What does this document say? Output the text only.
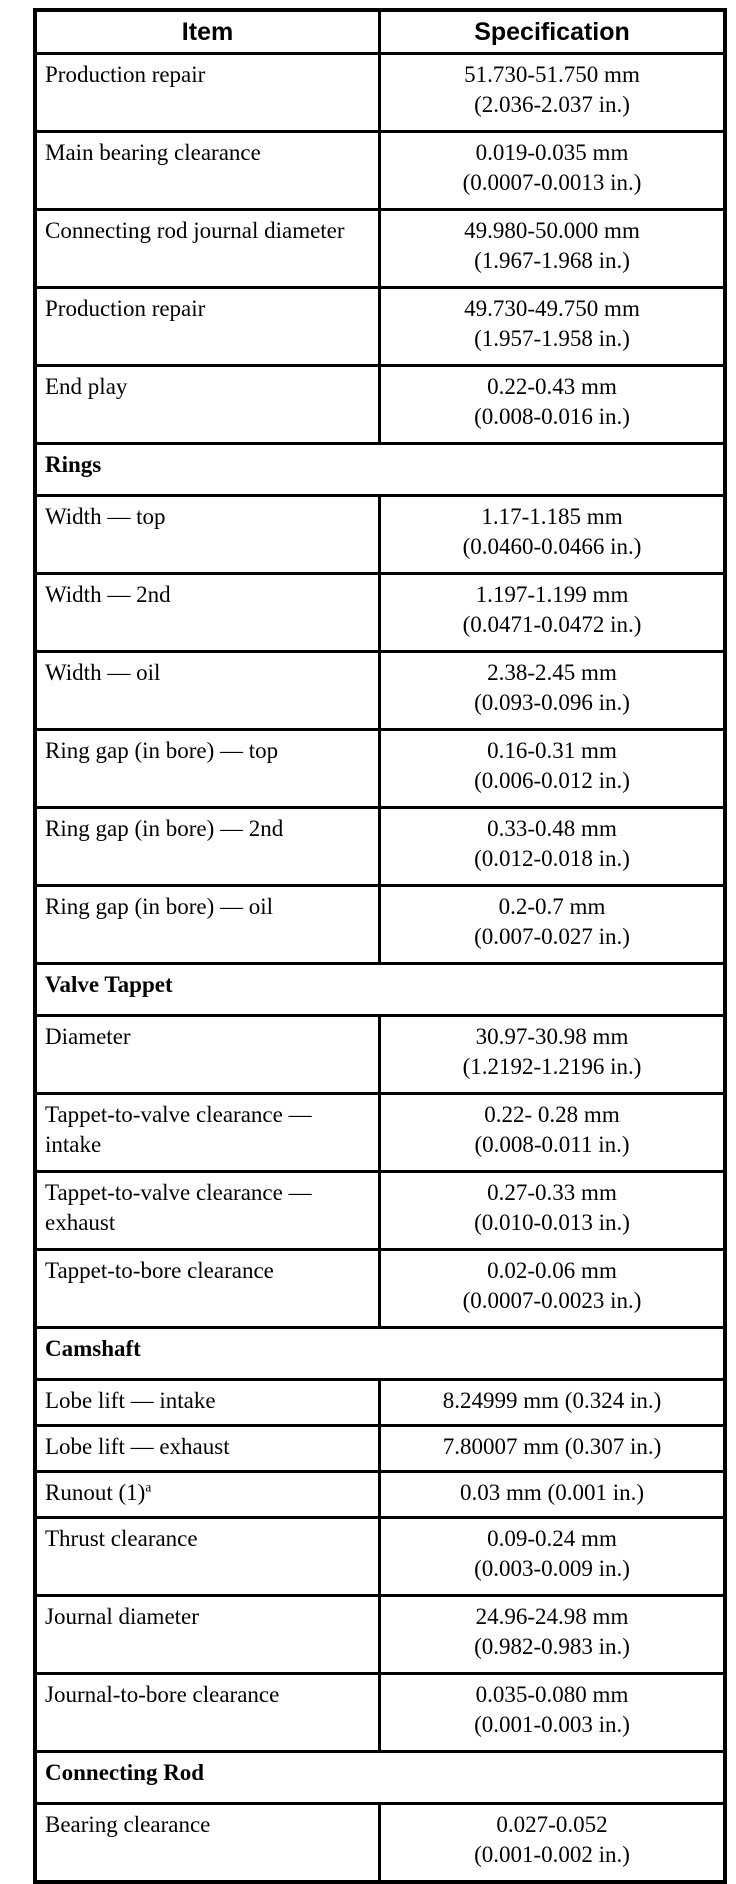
Item	Specification
Production repair	51.730-51.750 mm
(2.036-2.037 in.)

Main bearing clearance	0.019-0.035 mm
(0.0007-0.0013 in.)

Connecting rod journal diameter	49.980-50.000 mm
(1.967-1.968 in.)

Production repair	49.730-49.750 mm
(1.957-1.958 in.)

End play	0.22-0.43 mm
(0.008-0.016 in.)

Rings	
Width — top	1.17-1.185 mm
(0.0460-0.0466 in.)

Width — 2nd	1.197-1.199 mm
(0.0471-0.0472 in.)

Width — oil	2.38-2.45 mm
(0.093-0.096 in.)

Ring gap (in bore) — top	0.16-0.31 mm
(0.006-0.012 in.)

Ring gap (in bore) — 2nd	0.33-0.48 mm
(0.012-0.018 in.)

Ring gap (in bore) — oil	0.2-0.7 mm
(0.007-0.027 in.)

Valve Tappet	
Diameter	30.97-30.98 mm
(1.2192-1.2196 in.)

Tappet-to-valve clearance — intake	0.22- 0.28 mm
(0.008-0.011 in.)

Tappet-to-valve clearance — exhaust	0.27-0.33 mm
(0.010-0.013 in.)

Tappet-to-bore clearance	0.02-0.06 mm
(0.0007-0.0023 in.)

Camshaft	
Lobe lift — intake	8.24999 mm (0.324 in.)

Lobe lift — exhaust	7.80007 mm (0.307 in.)

Runout (1)$^a$	0.03 mm (0.001 in.)

Thrust clearance	0.09-0.24 mm
(0.003-0.009 in.)

Journal diameter	24.96-24.98 mm
(0.982-0.983 in.)

Journal-to-bore clearance	0.035-0.080 mm
(0.001-0.003 in.)

Connecting Rod	
Bearing clearance	0.027-0.052
(0.001-0.002 in.)
